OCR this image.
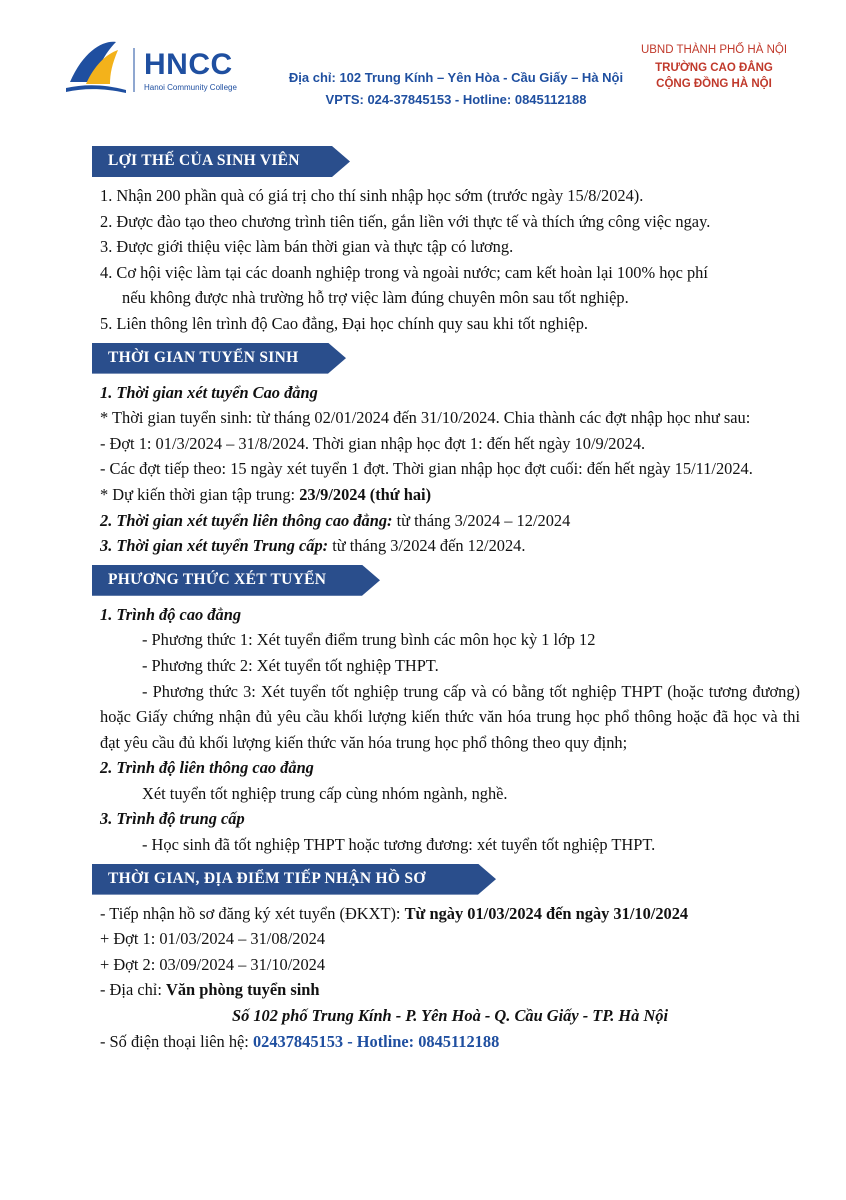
HNCC
Hanoi Community College
Địa chỉ: 102 Trung Kính – Yên Hòa - Cầu Giấy – Hà Nội
VPTS: 024-37845153 - Hotline: 0845112188
UBND THÀNH PHỐ HÀ NỘI
TRƯỜNG CAO ĐẲNG
CỘNG ĐỒNG HÀ NỘI
LỢI THẾ CỦA SINH VIÊN

1. Nhận 200 phần quà có giá trị cho thí sinh nhập học sớm (trước ngày 15/8/2024).

2. Được đào tạo theo chương trình tiên tiến, gắn liền với thực tế và thích ứng công việc ngay.

3. Được giới thiệu việc làm bán thời gian và thực tập có lương.

4. Cơ hội việc làm tại các doanh nghiệp trong và ngoài nước; cam kết hoàn lại 100% học phí

nếu không được nhà trường hỗ trợ việc làm đúng chuyên môn sau tốt nghiệp.

5. Liên thông lên trình độ Cao đẳng, Đại học chính quy sau khi tốt nghiệp.

THỜI GIAN TUYỂN SINH

1. Thời gian xét tuyển Cao đẳng

* Thời gian tuyển sinh: từ tháng 02/01/2024 đến 31/10/2024. Chia thành các đợt nhập học như sau:

- Đợt 1: 01/3/2024 – 31/8/2024. Thời gian nhập học đợt 1: đến hết ngày 10/9/2024.

- Các đợt tiếp theo: 15 ngày xét tuyển 1 đợt. Thời gian nhập học đợt cuối: đến hết ngày 15/11/2024.

* Dự kiến thời gian tập trung: 23/9/2024 (thứ hai)

2. Thời gian xét tuyển liên thông cao đẳng: từ tháng 3/2024 – 12/2024

3. Thời gian xét tuyển Trung cấp: từ tháng 3/2024 đến 12/2024.

PHƯƠNG THỨC XÉT TUYỂN

1. Trình độ cao đẳng

- Phương thức 1: Xét tuyển điểm trung bình các môn học kỳ 1 lớp 12

- Phương thức 2: Xét tuyển tốt nghiệp THPT.

- Phương thức 3: Xét tuyển tốt nghiệp trung cấp và có bằng tốt nghiệp THPT (hoặc tương đương) hoặc Giấy chứng nhận đủ yêu cầu khối lượng kiến thức văn hóa trung học phổ thông hoặc đã học và thi đạt yêu cầu đủ khối lượng kiến thức văn hóa trung học phổ thông theo quy định;

2. Trình độ liên thông cao đẳng

Xét tuyển tốt nghiệp trung cấp cùng nhóm ngành, nghề.

3. Trình độ trung cấp

- Học sinh đã tốt nghiệp THPT hoặc tương đương: xét tuyển tốt nghiệp THPT.

THỜI GIAN, ĐỊA ĐIỂM TIẾP NHẬN HỒ SƠ

- Tiếp nhận hồ sơ đăng ký xét tuyển (ĐKXT): Từ ngày 01/03/2024 đến ngày 31/10/2024

+ Đợt 1: 01/03/2024 – 31/08/2024

+ Đợt 2: 03/09/2024 – 31/10/2024

- Địa chỉ: Văn phòng tuyển sinh

Số 102 phố Trung Kính - P. Yên Hoà - Q. Cầu Giấy - TP. Hà Nội

- Số điện thoại liên hệ: 02437845153 - Hotline: 0845112188
